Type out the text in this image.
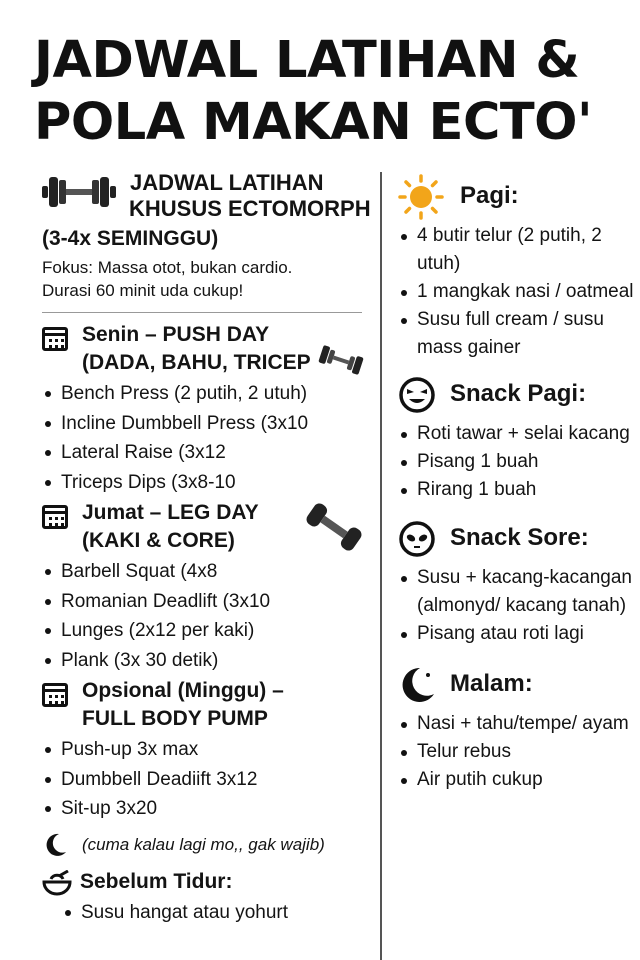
JADWAL LATIHAN &
POLA MAKAN ECTO'
JADWAL LATIHAN
KHUSUS ECTOMORPH
(3-4x SEMINGGU)
Fokus: Massa otot, bukan cardio.
Durasi 60 minit uda cukup!
Senin – PUSH DAY
(DADA, BAHU, TRICEP
Bench Press (2 putih, 2 utuh)
Incline Dumbbell Press (3x10
Lateral Raise (3x12
Triceps Dips (3x8-10
Jumat – LEG DAY
(KAKI & CORE)
Barbell Squat (4x8
Romanian Deadlift (3x10
Lunges (2x12 per kaki)
Plank (3x 30 detik)
Opsional (Minggu) –
FULL BODY PUMP
Push-up 3x max
Dumbbell Deadiift 3x12
Sit-up 3x20
(cuma kalau lagi mo,, gak wajib)
Sebelum Tidur:
Susu hangat atau yohurt
Pagi:
4 butir telur (2 putih, 2 utuh)
1 mangkak nasi / oatmeal
Susu full cream / susu mass gainer
Snack Pagi:
Roti tawar + selai kacang
Pisang 1 buah
Rirang 1 buah
Snack Sore:
Susu + kacang-kacangan (almonyd/ kacang tanah)
Pisang atau roti lagi
Malam:
Nasi + tahu/tempe/ ayam
Telur rebus
Air putih cukup
